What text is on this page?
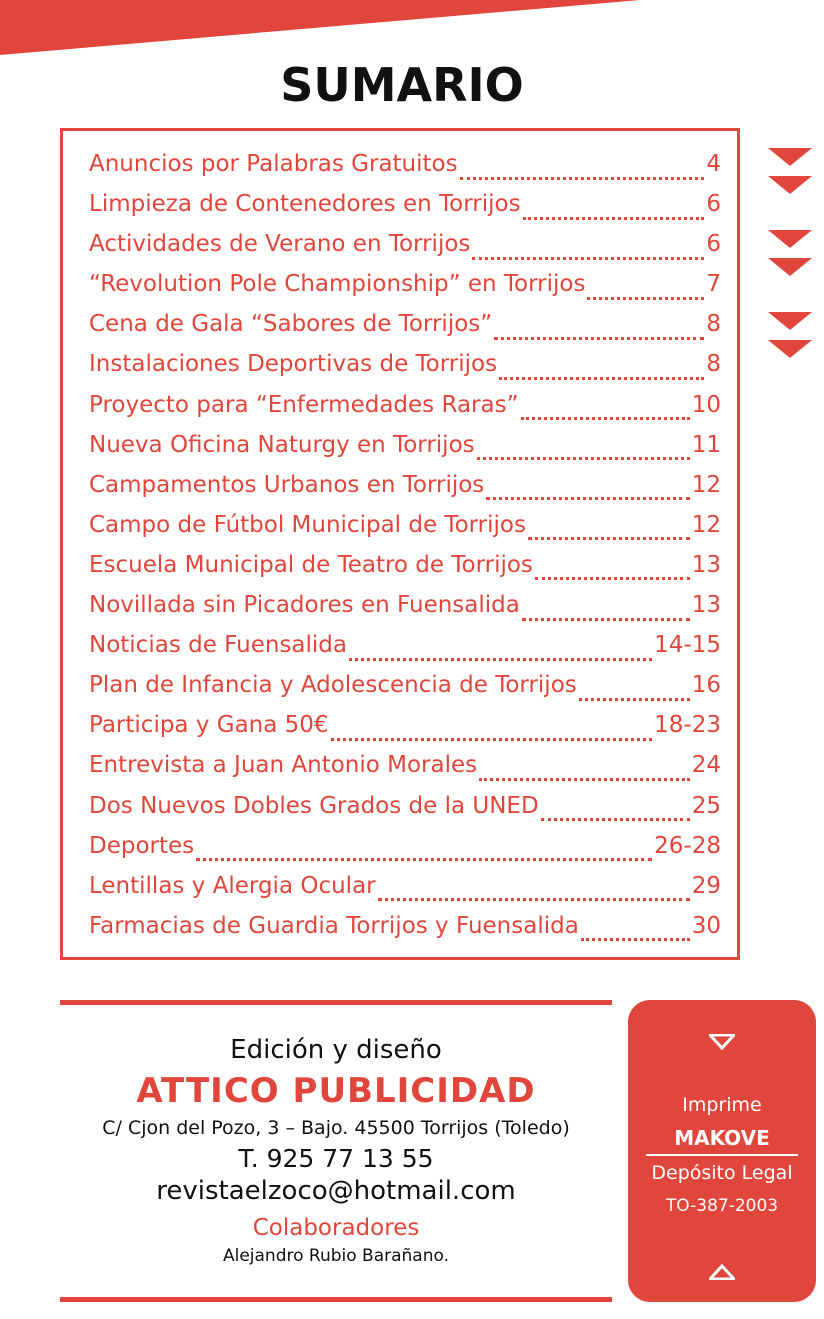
SUMARIO
Anuncios por Palabras Gratuitos	4
Limpieza de Contenedores en Torrijos	6
Actividades de Verano en Torrijos	6
“Revolution Pole Championship” en Torrijos	7
Cena de Gala “Sabores de Torrijos”	8
Instalaciones Deportivas de Torrijos	8
Proyecto para “Enfermedades Raras”	10
Nueva Oficina Naturgy en Torrijos	11
Campamentos Urbanos en Torrijos	12
Campo de Fútbol Municipal de Torrijos	12
Escuela Municipal de Teatro de Torrijos	13
Novillada sin Picadores en Fuensalida	13
Noticias de Fuensalida	14-15
Plan de Infancia y Adolescencia de Torrijos	16
Participa y Gana 50€	18-23
Entrevista a Juan Antonio Morales	24
Dos Nuevos Dobles Grados de la UNED	25
Deportes	26-28
Lentillas y Alergia Ocular	29
Farmacias de Guardia Torrijos y Fuensalida	30
Edición y diseño
ATTICO PUBLICIDAD
C/ Cjon del Pozo, 3 – Bajo. 45500 Torrijos (Toledo)
T. 925 77 13 55
revistaelzoco@hotmail.com
Colaboradores
Alejandro Rubio Barañano.
Imprime
MAKOVE
Depósito Legal
TO-387-2003
